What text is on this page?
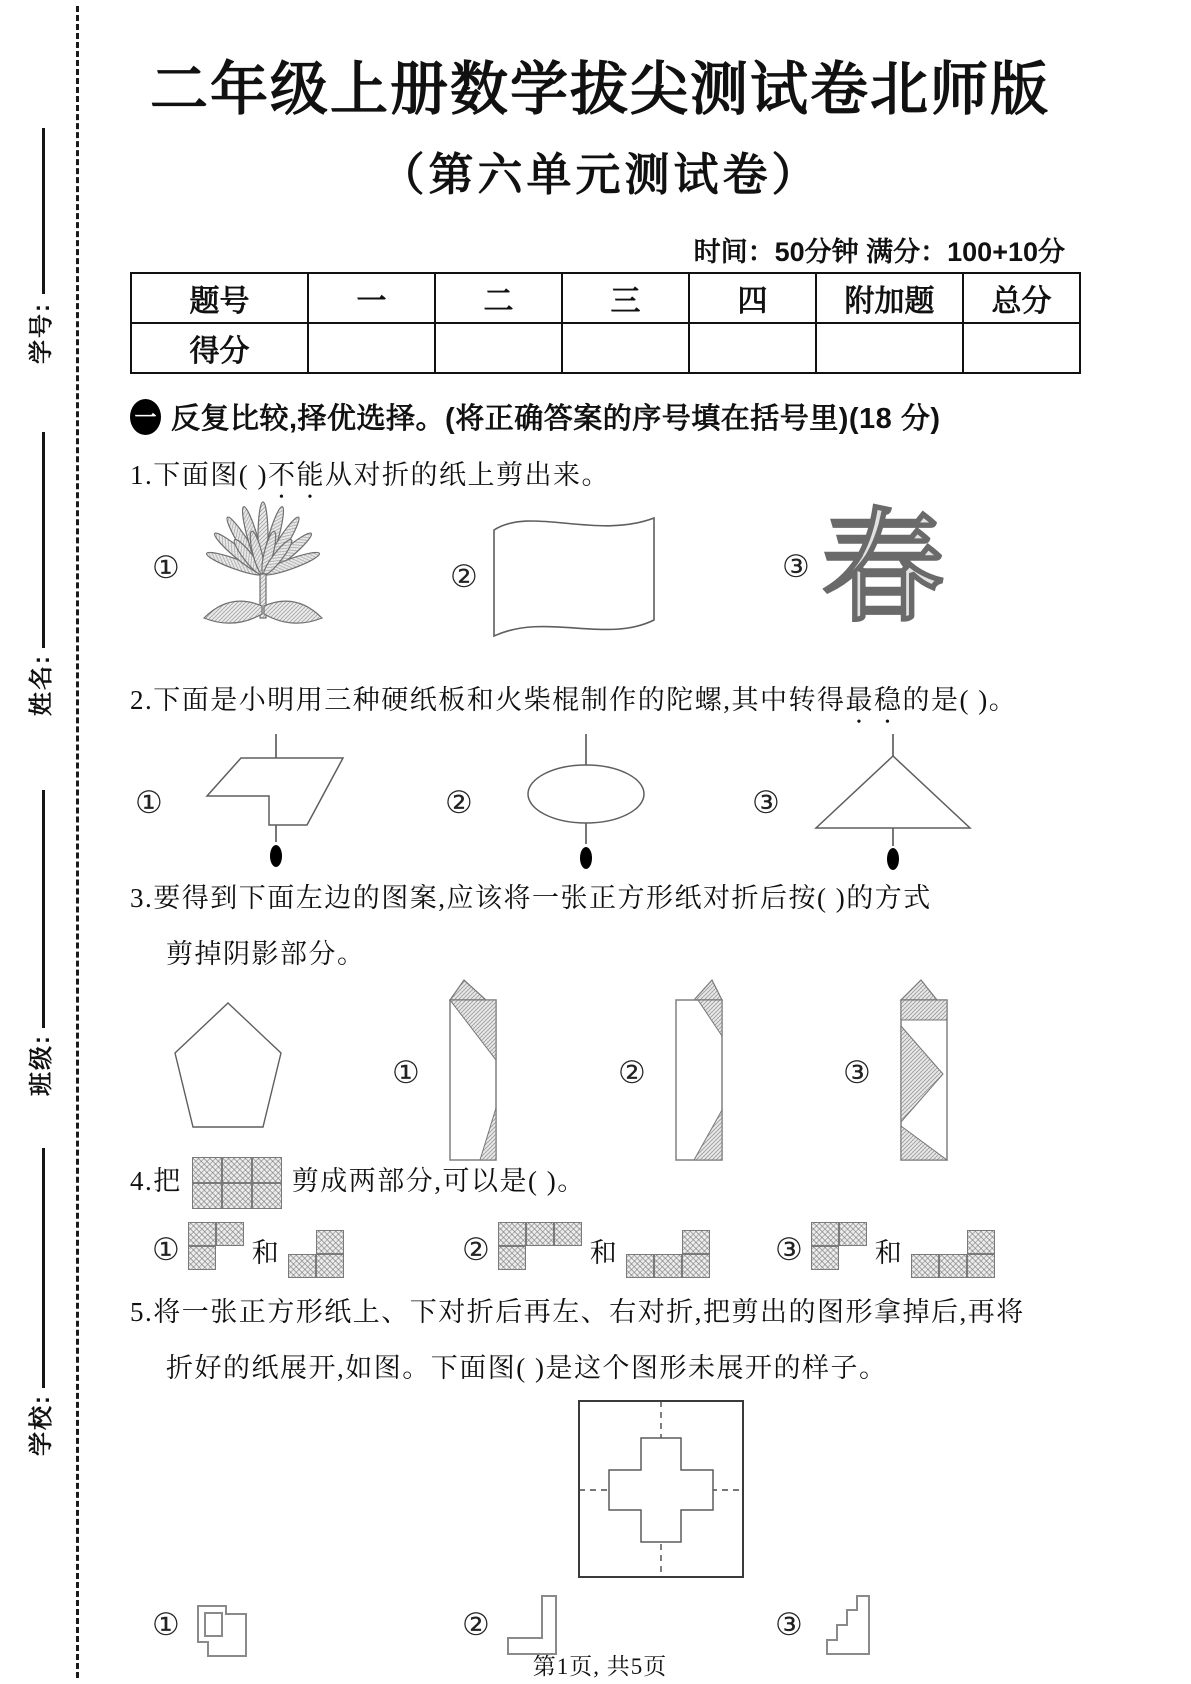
学号:
姓名:
班级:
学校:
二年级上册数学拔尖测试卷北师版
（第六单元测试卷）
时间：50分钟 满分：100+10分
题号	一	二	三	四	附加题	总分
得分						
一 反复比较,择优选择。(将正确答案的序号填在括号里)(18 分)
1.下面图( )不能从对折的纸上剪出来。
①	②	③ 春
2.下面是小明用三种硬纸板和火柴棍制作的陀螺,其中转得最稳的是( )。
①	②	③
3.要得到下面左边的图案,应该将一张正方形纸对折后按( )的方式
剪掉阴影部分。
①	②	③
4.把	剪成两部分,可以是( )。
①	和	②	和	③	和
5.将一张正方形纸上、下对折后再左、右对折,把剪出的图形拿掉后,再将
折好的纸展开,如图。下面图( )是这个图形未展开的样子。
①	②	③
第1页, 共5页
